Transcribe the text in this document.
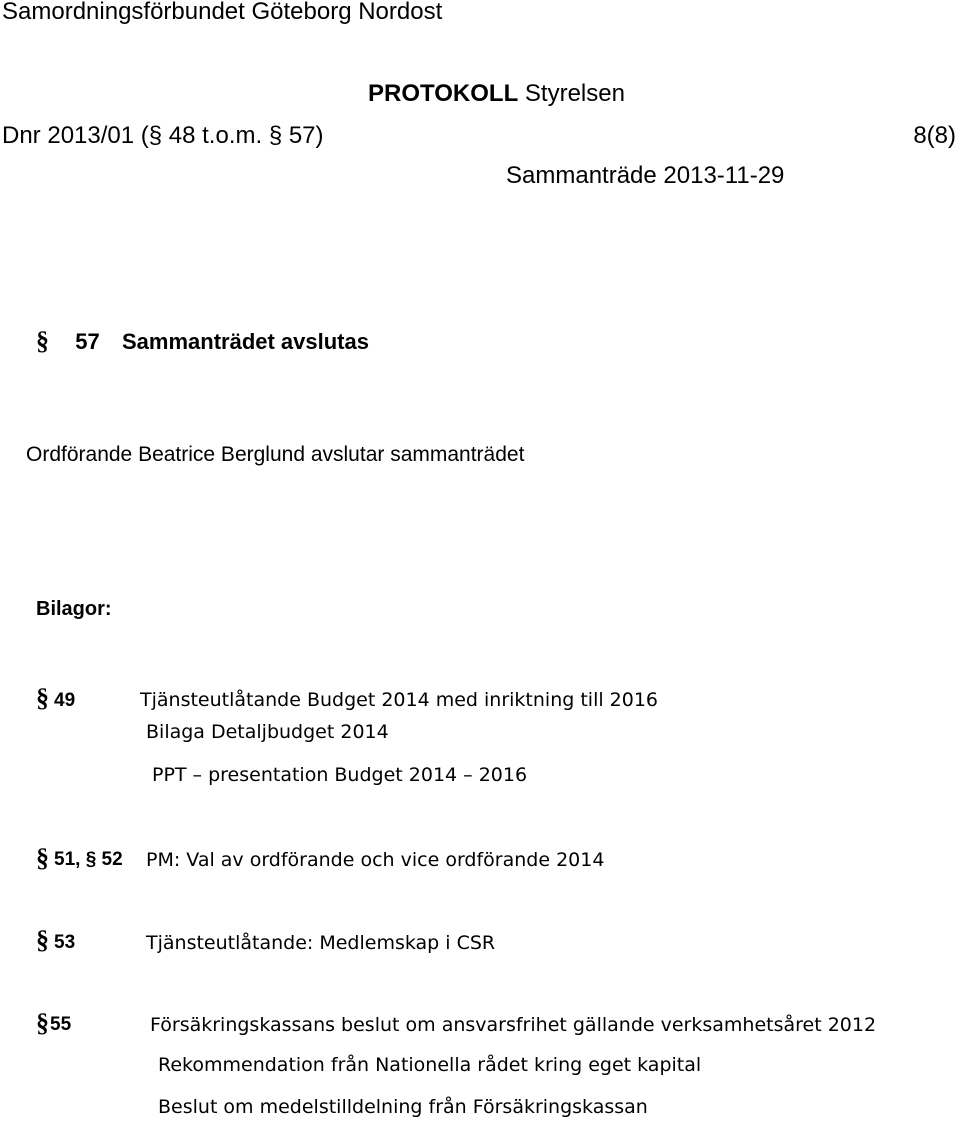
Samordningsförbundet Göteborg Nordost
PROTOKOLL Styrelsen
Dnr 2013/01 (§ 48 t.o.m. § 57)	8(8)
Sammanträde 2013-11-29
§ 57 Sammanträdet avslutas
Ordförande Beatrice Berglund avslutar sammanträdet
Bilagor:
§ 49	Tjänsteutlåtande Budget 2014 med inriktning till 2016
Bilaga Detaljbudget 2014
PPT – presentation Budget 2014 – 2016
§ 51, § 52 PM: Val av ordförande och vice ordförande 2014
§ 53	Tjänsteutlåtande: Medlemskap i CSR
§ 55	Försäkringskassans beslut om ansvarsfrihet gällande verksamhetsåret 2012
Rekommendation från Nationella rådet kring eget kapital
Beslut om medelstilldelning från Försäkringskassan
